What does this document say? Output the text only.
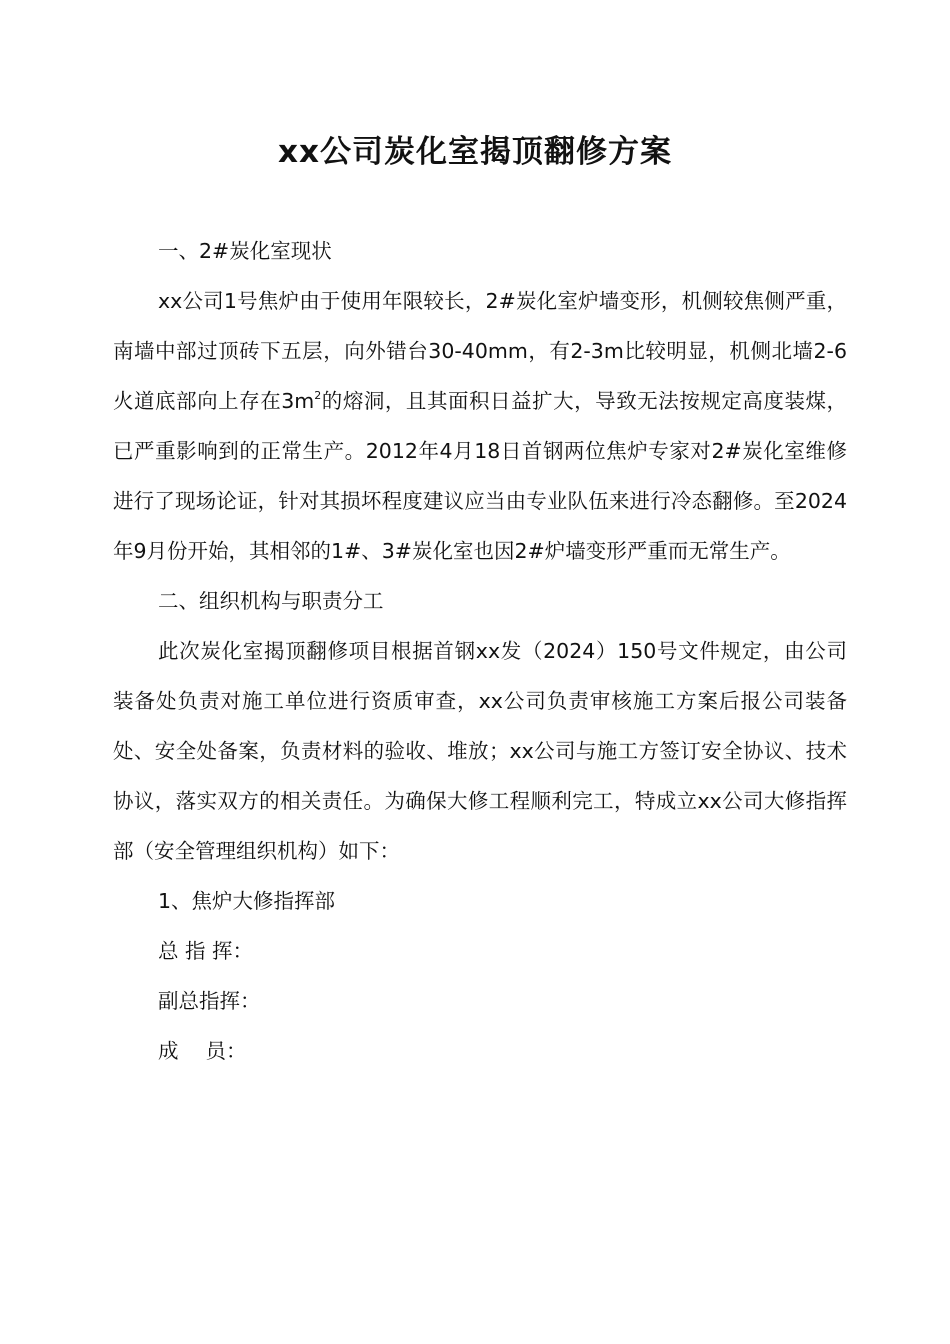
xx公司炭化室揭顶翻修方案

一、2#炭化室现状

xx公司1号焦炉由于使用年限较长，2#炭化室炉墙变形，机侧较焦侧严重，南墙中部过顶砖下五层，向外错台30-40mm，有2-3m比较明显，机侧北墙2-6火道底部向上存在$3m^2$的熔洞，且其面积日益扩大，导致无法按规定高度装煤，已严重影响到的正常生产。2012年4月18日首钢两位焦炉专家对2#炭化室维修进行了现场论证，针对其损坏程度建议应当由专业队伍来进行冷态翻修。至2024年9月份开始，其相邻的1#、3#炭化室也因2#炉墙变形严重而无常生产。

二、组织机构与职责分工

此次炭化室揭顶翻修项目根据首钢xx发（2024）150号文件规定，由公司装备处负责对施工单位进行资质审查，xx公司负责审核施工方案后报公司装备处、安全处备案，负责材料的验收、堆放；xx公司与施工方签订安全协议、技术协议，落实双方的相关责任。为确保大修工程顺利完工，特成立xx公司大修指挥部（安全管理组织机构）如下：

1、焦炉大修指挥部

总 指 挥：

副总指挥：

成　 员：
